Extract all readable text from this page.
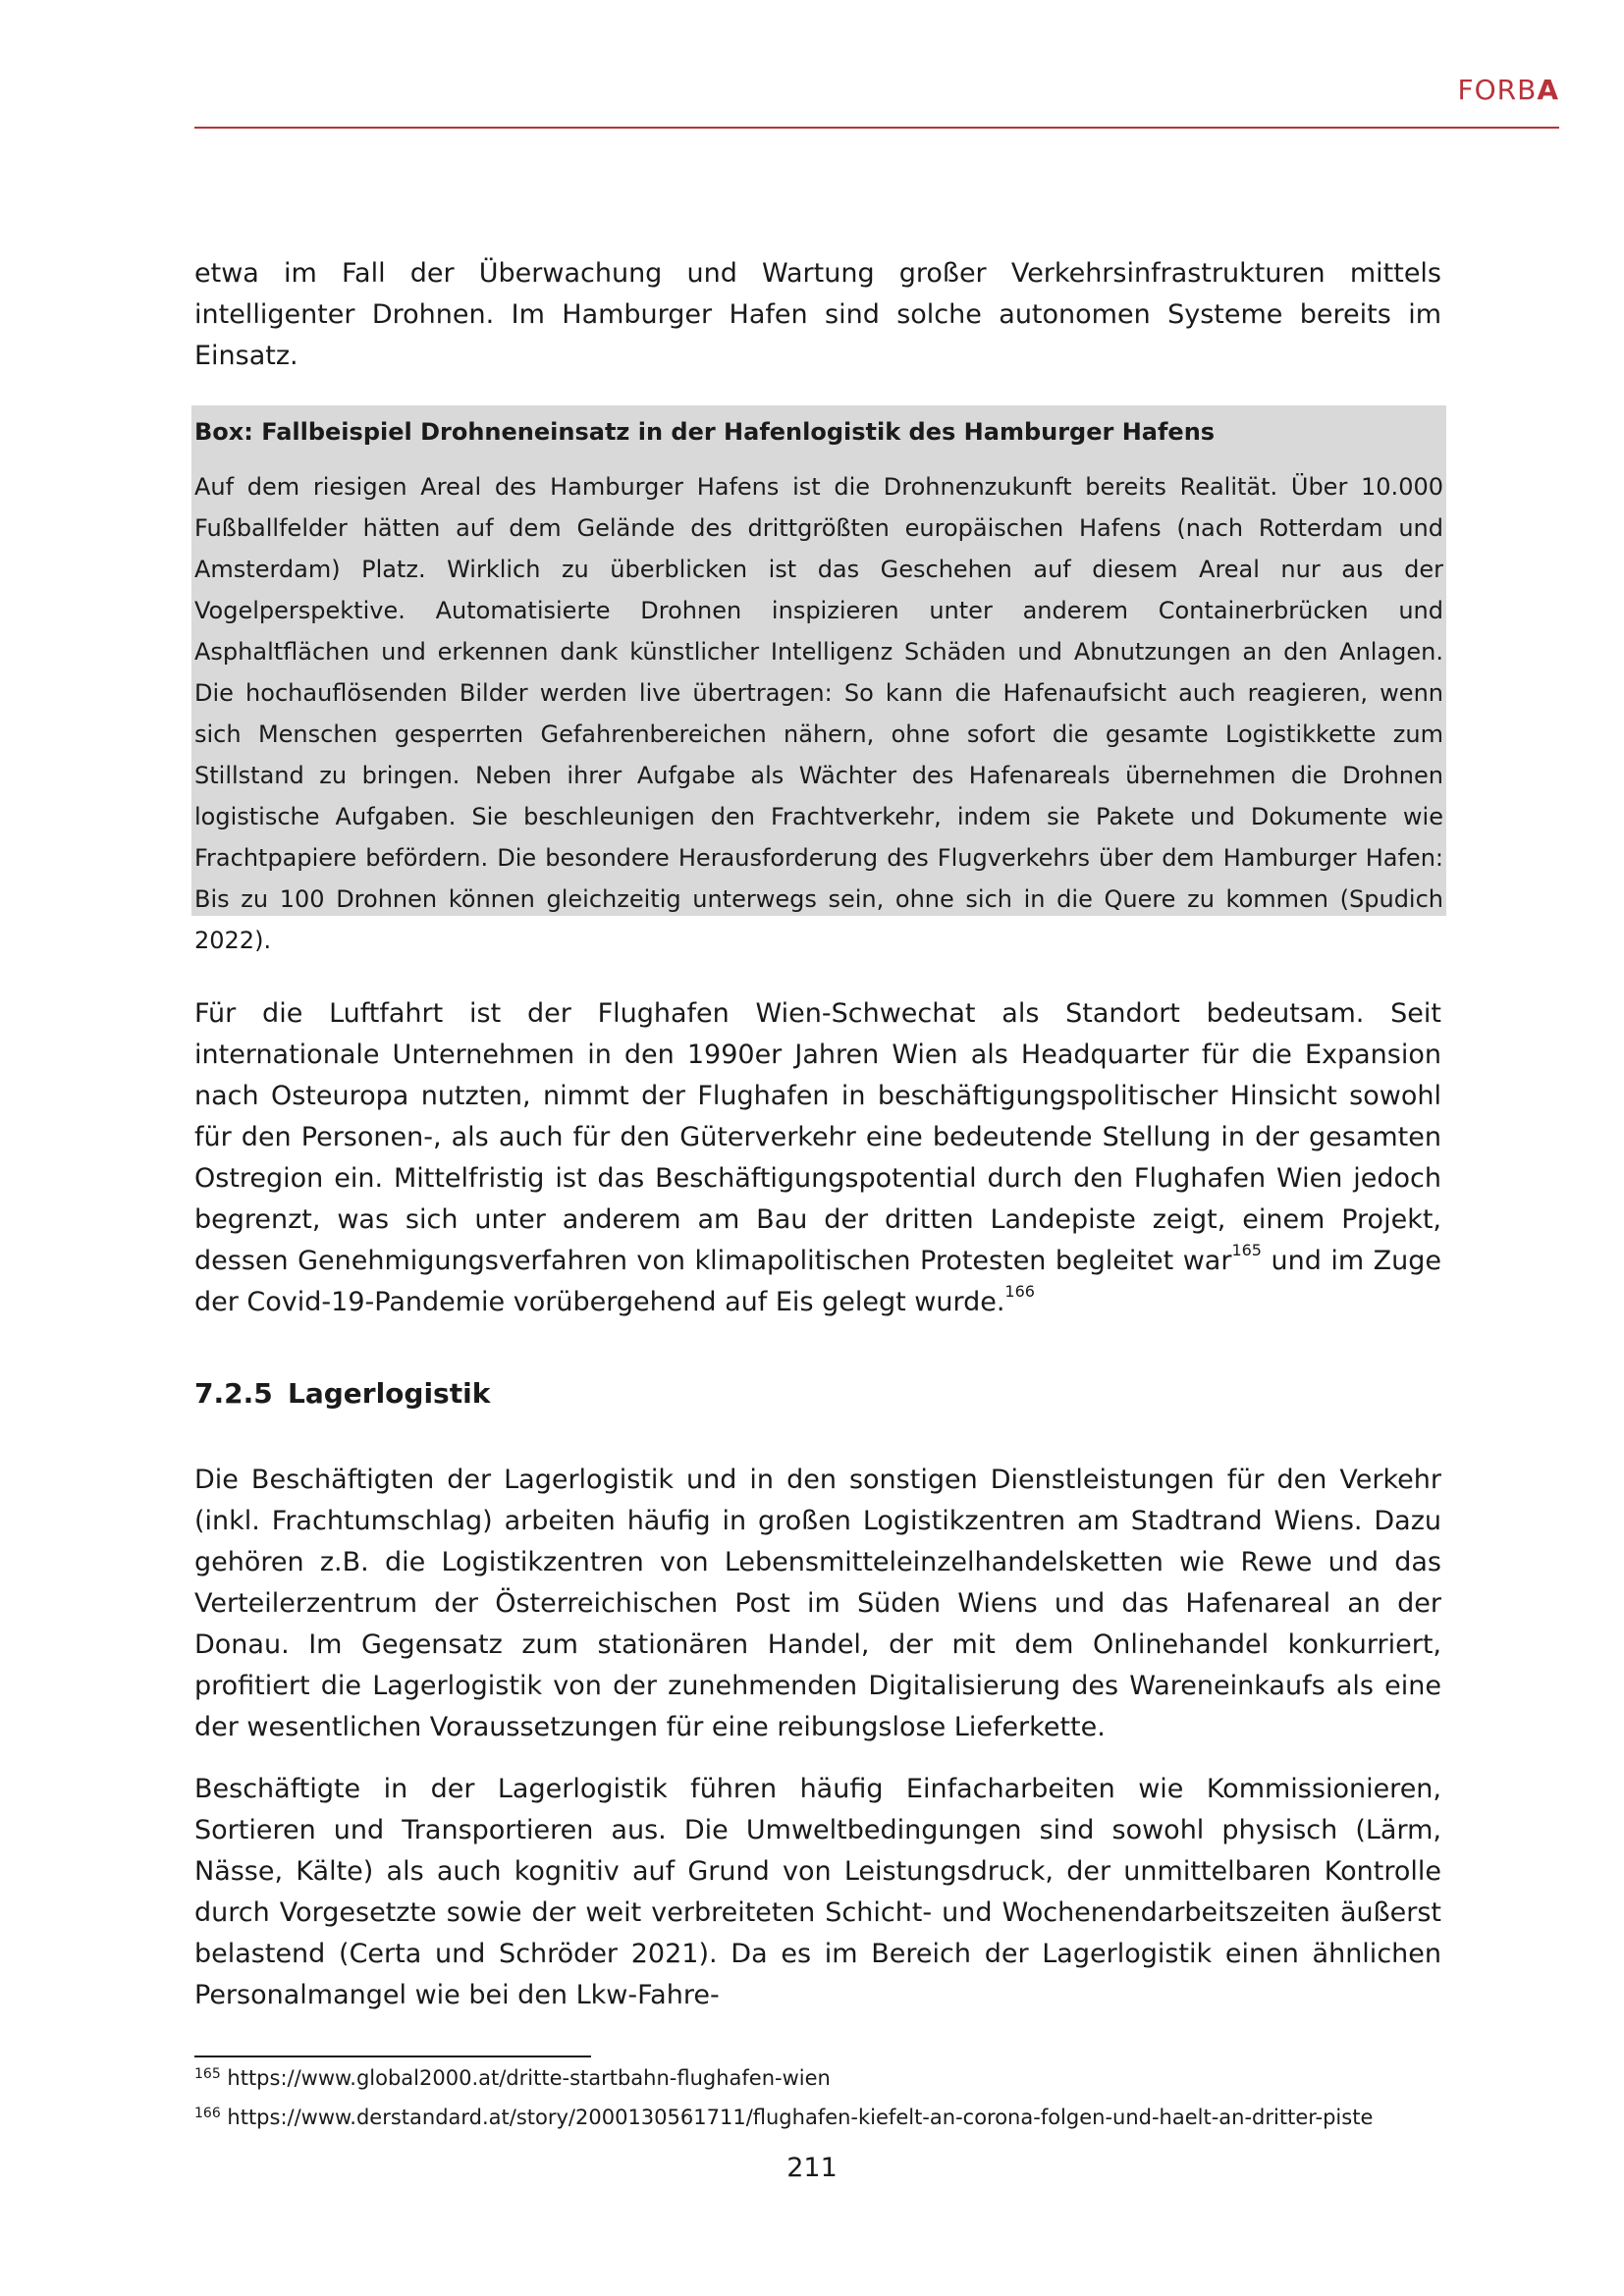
FORBA

etwa im Fall der Überwachung und Wartung großer Verkehrsinfrastrukturen mittels intelligenter Drohnen. Im Hamburger Hafen sind solche autonomen Systeme bereits im Einsatz.

Box: Fallbeispiel Drohneneinsatz in der Hafenlogistik des Hamburger Hafens

Auf dem riesigen Areal des Hamburger Hafens ist die Drohnenzukunft bereits Realität. Über 10.000 Fußballfelder hätten auf dem Gelände des drittgrößten europäischen Hafens (nach Rotterdam und Amsterdam) Platz. Wirklich zu überblicken ist das Geschehen auf diesem Areal nur aus der Vogelperspektive. Automatisierte Drohnen inspizieren unter anderem Containerbrücken und Asphaltflächen und erkennen dank künstlicher Intelligenz Schäden und Abnutzungen an den Anlagen. Die hochauflösenden Bilder werden live übertragen: So kann die Hafenaufsicht auch reagieren, wenn sich Menschen gesperrten Gefahrenbereichen nähern, ohne sofort die gesamte Logistikkette zum Stillstand zu bringen. Neben ihrer Aufgabe als Wächter des Hafenareals übernehmen die Drohnen logistische Aufgaben. Sie beschleunigen den Frachtverkehr, indem sie Pakete und Dokumente wie Frachtpapiere befördern. Die besondere Herausforderung des Flugverkehrs über dem Hamburger Hafen: Bis zu 100 Drohnen können gleichzeitig unterwegs sein, ohne sich in die Quere zu kommen (Spudich 2022).

Für die Luftfahrt ist der Flughafen Wien-Schwechat als Standort bedeutsam. Seit internationale Unternehmen in den 1990er Jahren Wien als Headquarter für die Expansion nach Osteuropa nutzten, nimmt der Flughafen in beschäftigungspolitischer Hinsicht sowohl für den Personen-, als auch für den Güterverkehr eine bedeutende Stellung in der gesamten Ostregion ein. Mittelfristig ist das Beschäftigungspotential durch den Flughafen Wien jedoch begrenzt, was sich unter anderem am Bau der dritten Landepiste zeigt, einem Projekt, dessen Genehmigungsverfahren von klimapolitischen Protesten begleitet war$^{165}$ und im Zuge der Covid-19-Pandemie vorübergehend auf Eis gelegt wurde.$^{166}$

7.2.5 Lagerlogistik

Die Beschäftigten der Lagerlogistik und in den sonstigen Dienstleistungen für den Verkehr (inkl. Frachtumschlag) arbeiten häufig in großen Logistikzentren am Stadtrand Wiens. Dazu gehören z.B. die Logistikzentren von Lebensmitteleinzelhandelsketten wie Rewe und das Verteilerzentrum der Österreichischen Post im Süden Wiens und das Hafenareal an der Donau. Im Gegensatz zum stationären Handel, der mit dem Onlinehandel konkurriert, profitiert die Lagerlogistik von der zunehmenden Digitalisierung des Wareneinkaufs als eine der wesentlichen Voraussetzungen für eine reibungslose Lieferkette.

Beschäftigte in der Lagerlogistik führen häufig Einfacharbeiten wie Kommissionieren, Sortieren und Transportieren aus. Die Umweltbedingungen sind sowohl physisch (Lärm, Nässe, Kälte) als auch kognitiv auf Grund von Leistungsdruck, der unmittelbaren Kontrolle durch Vorgesetzte sowie der weit verbreiteten Schicht- und Wochenendarbeitszeiten äußerst belastend (Certa und Schröder 2021). Da es im Bereich der Lagerlogistik einen ähnlichen Personalmangel wie bei den Lkw-Fahre-

$^{165}$ https://www.global2000.at/dritte-startbahn-flughafen-wien
$^{166}$ https://www.derstandard.at/story/2000130561711/flughafen-kiefelt-an-corona-folgen-und-haelt-an-dritter-piste
211
